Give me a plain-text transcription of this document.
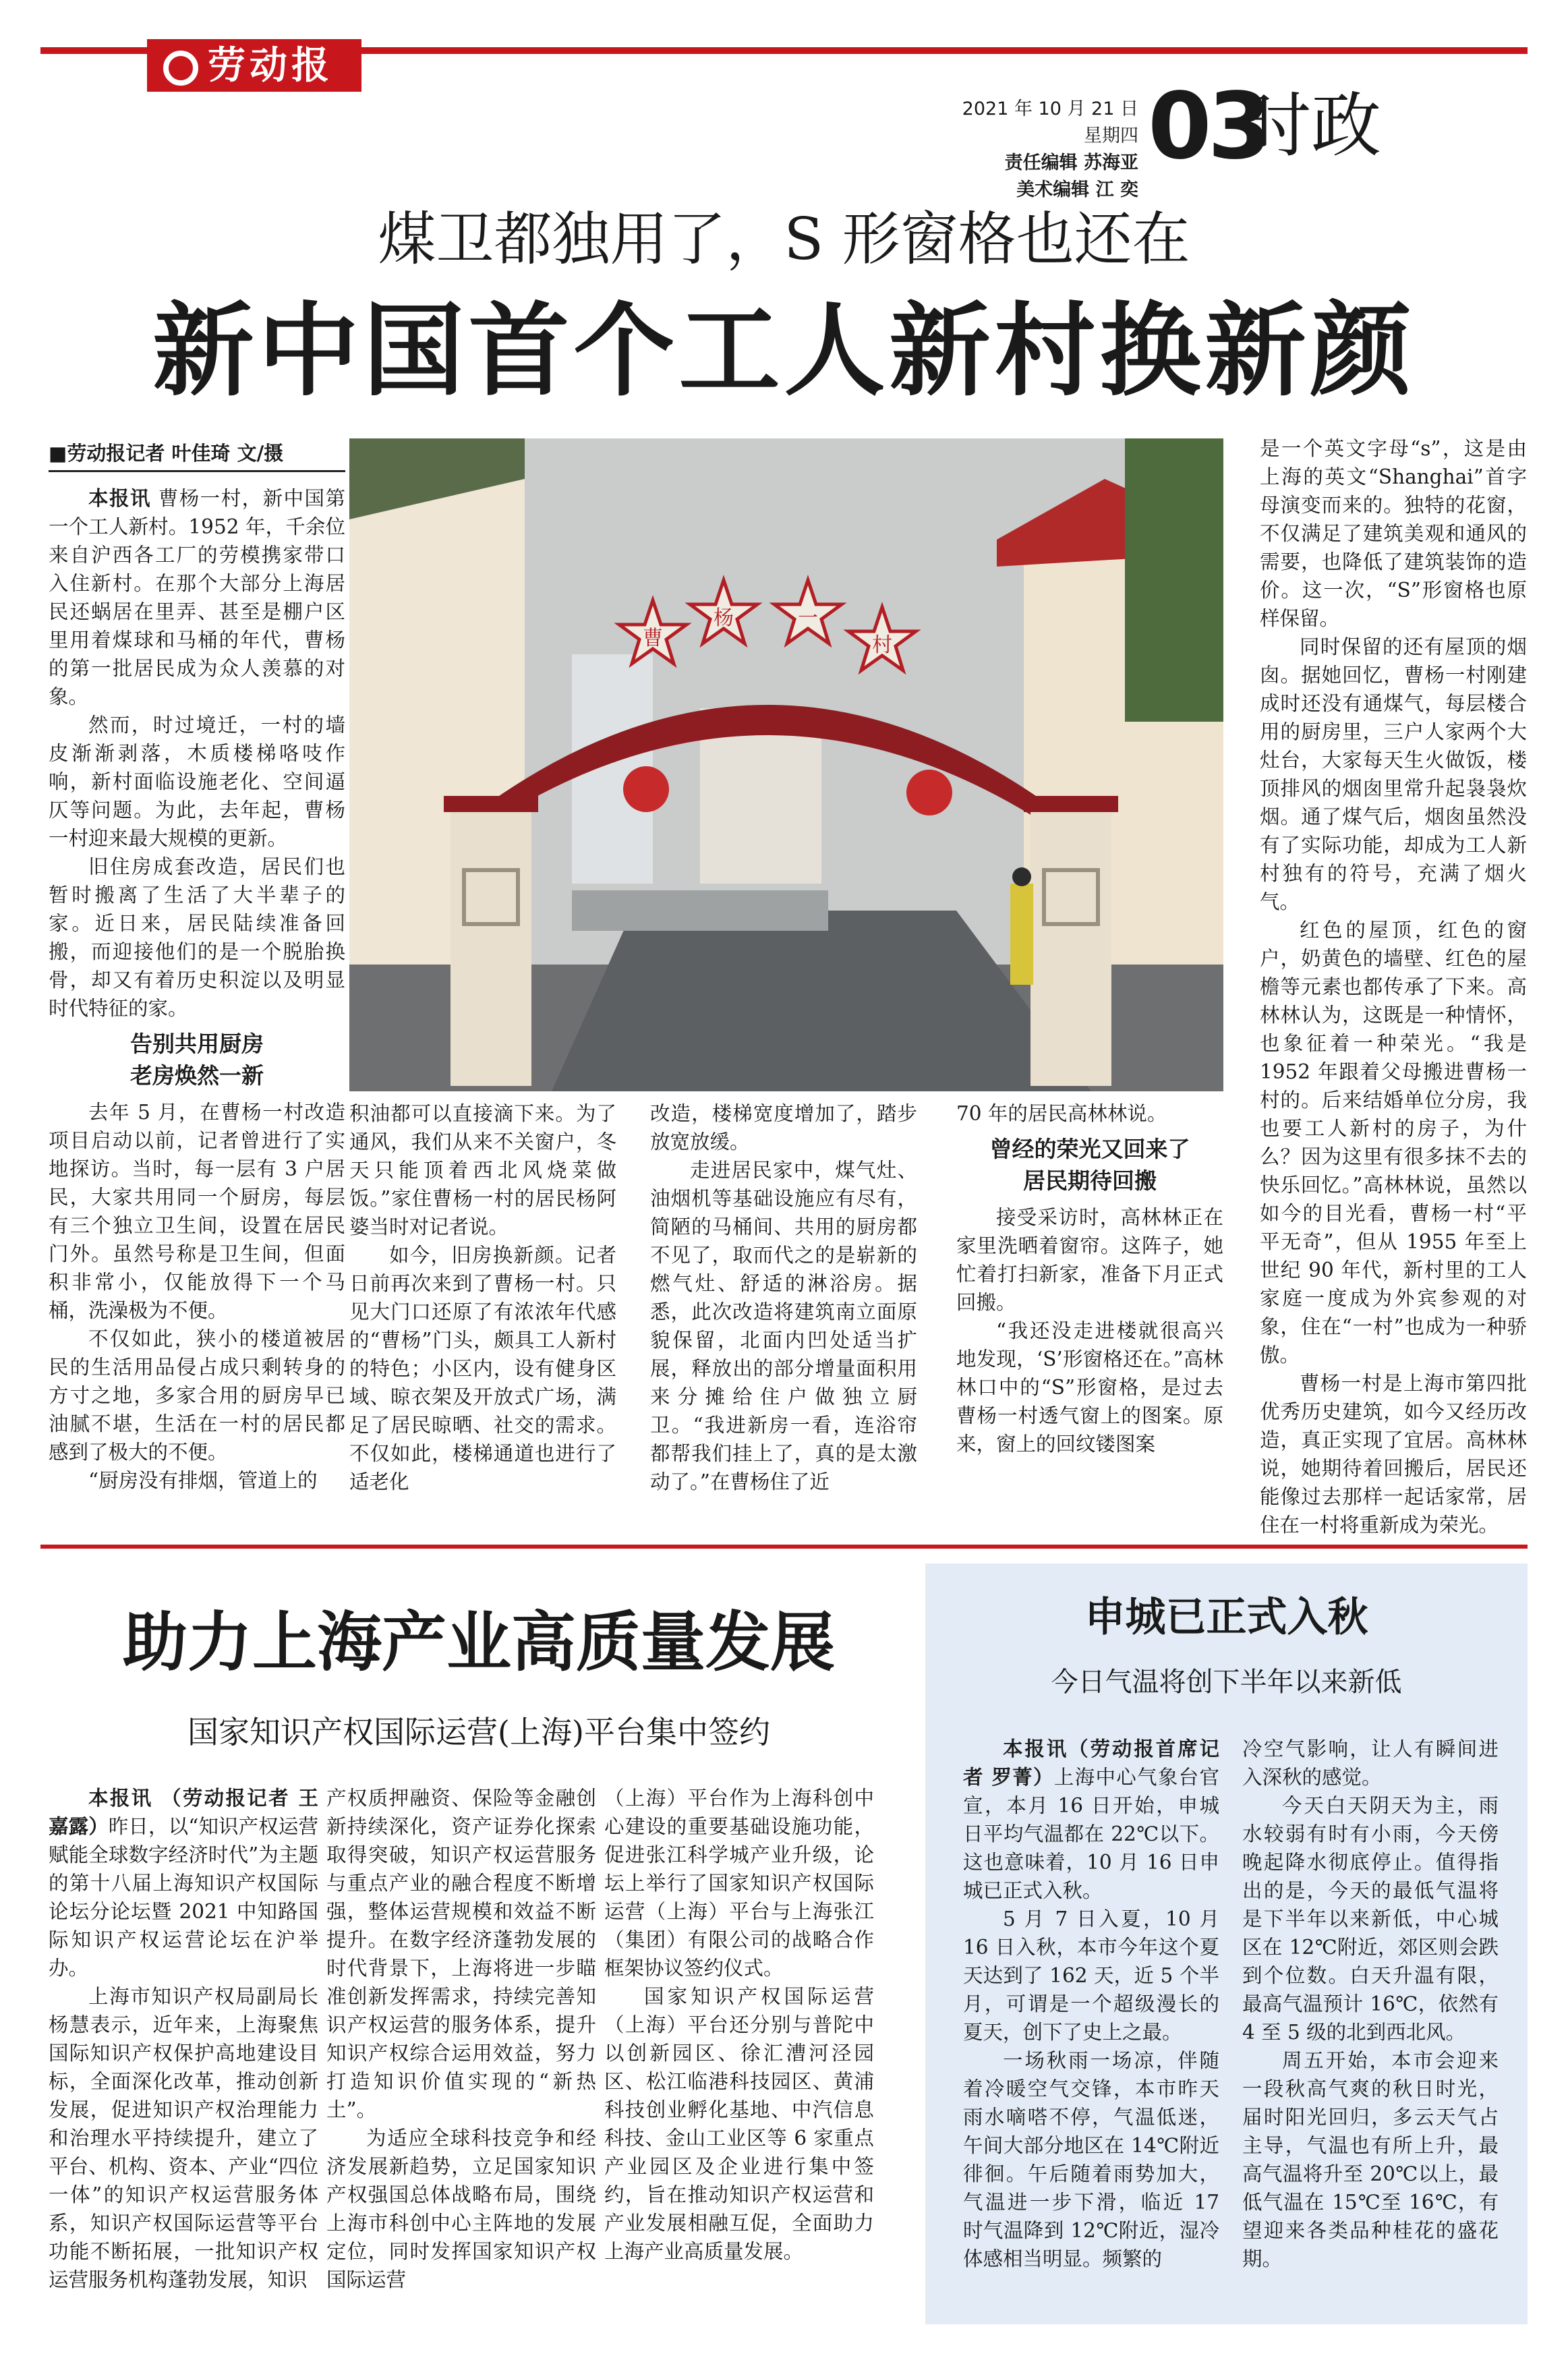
劳动报
2021 年 10 月 21 日 星期四
责任编辑 苏海亚
美术编辑 江 奕
03
时政
煤卫都独用了，S 形窗格也还在
新中国首个工人新村换新颜
■劳动报记者 叶佳琦 文/摄

本报讯 曹杨一村，新中国第一个工人新村。1952 年，千余位来自沪西各工厂的劳模携家带口入住新村。在那个大部分上海居民还蜗居在里弄、甚至是棚户区里用着煤球和马桶的年代，曹杨的第一批居民成为众人羡慕的对象。

然而，时过境迁，一村的墙皮渐渐剥落，木质楼梯咯吱作响，新村面临设施老化、空间逼仄等问题。为此，去年起，曹杨一村迎来最大规模的更新。

旧住房成套改造，居民们也暂时搬离了生活了大半辈子的家。近日来，居民陆续准备回搬，而迎接他们的是一个脱胎换骨，却又有着历史积淀以及明显时代特征的家。

告别共用厨房
老房焕然一新

去年 5 月，在曹杨一村改造项目启动以前，记者曾进行了实地探访。当时，每一层有 3 户居民，大家共用同一个厨房，每层有三个独立卫生间，设置在居民门外。虽然号称是卫生间，但面积非常小，仅能放得下一个马桶，洗澡极为不便。

不仅如此，狭小的楼道被居民的生活用品侵占成只剩转身的方寸之地，多家合用的厨房早已油腻不堪，生活在一村的居民都感到了极大的不便。

“厨房没有排烟，管道上的

曹
杨	一
村

积油都可以直接滴下来。为了通风，我们从来不关窗户，冬天只能顶着西北风烧菜做饭。”家住曹杨一村的居民杨阿婆当时对记者说。

如今，旧房换新颜。记者日前再次来到了曹杨一村。只见大门口还原了有浓浓年代感的“曹杨”门头，颇具工人新村的特色；小区内，设有健身区域、晾衣架及开放式广场，满足了居民晾晒、社交的需求。不仅如此，楼梯通道也进行了适老化

改造，楼梯宽度增加了，踏步放宽放缓。

走进居民家中，煤气灶、油烟机等基础设施应有尽有，简陋的马桶间、共用的厨房都不见了，取而代之的是崭新的燃气灶、舒适的淋浴房。据悉，此次改造将建筑南立面原貌保留，北面内凹处适当扩展，释放出的部分增量面积用来分摊给住户做独立厨卫。“我进新房一看，连浴帘都帮我们挂上了，真的是太激动了。”在曹杨住了近

70 年的居民高林林说。

曾经的荣光又回来了
居民期待回搬

接受采访时，高林林正在家里洗晒着窗帘。这阵子，她忙着打扫新家，准备下月正式回搬。

“我还没走进楼就很高兴地发现，‘S’形窗格还在。”高林林口中的“S”形窗格，是过去曹杨一村透气窗上的图案。原来，窗上的回纹镂图案

是一个英文字母“s”，这是由上海的英文“Shanghai”首字母演变而来的。独特的花窗，不仅满足了建筑美观和通风的需要，也降低了建筑装饰的造价。这一次，“S”形窗格也原样保留。

同时保留的还有屋顶的烟囱。据她回忆，曹杨一村刚建成时还没有通煤气，每层楼合用的厨房里，三户人家两个大灶台，大家每天生火做饭，楼顶排风的烟囱里常升起袅袅炊烟。通了煤气后，烟囱虽然没有了实际功能，却成为工人新村独有的符号，充满了烟火气。

红色的屋顶，红色的窗户，奶黄色的墙壁、红色的屋檐等元素也都传承了下来。高林林认为，这既是一种情怀，也象征着一种荣光。“我是 1952 年跟着父母搬进曹杨一村的。后来结婚单位分房，我也要工人新村的房子，为什么？因为这里有很多抹不去的快乐回忆。”高林林说，虽然以如今的目光看，曹杨一村“平平无奇”，但从 1955 年至上世纪 90 年代，新村里的工人家庭一度成为外宾参观的对象，住在“一村”也成为一种骄傲。

曹杨一村是上海市第四批优秀历史建筑，如今又经历改造，真正实现了宜居。高林林说，她期待着回搬后，居民还能像过去那样一起话家常，居住在一村将重新成为荣光。

助力上海产业高质量发展
国家知识产权国际运营(上海)平台集中签约

本报讯 （劳动报记者 王嘉露）昨日，以“知识产权运营赋能全球数字经济时代”为主题的第十八届上海知识产权国际论坛分论坛暨 2021 中知路国际知识产权运营论坛在沪举办。

上海市知识产权局副局长杨慧表示，近年来，上海聚焦国际知识产权保护高地建设目标，全面深化改革，推动创新发展，促进知识产权治理能力和治理水平持续提升，建立了平台、机构、资本、产业“四位一体”的知识产权运营服务体系，知识产权国际运营等平台功能不断拓展，一批知识产权运营服务机构蓬勃发展，知识

产权质押融资、保险等金融创新持续深化，资产证券化探索取得突破，知识产权运营服务与重点产业的融合程度不断增强，整体运营规模和效益不断提升。在数字经济蓬勃发展的时代背景下，上海将进一步瞄准创新发挥需求，持续完善知识产权运营的服务体系，提升知识产权综合运用效益，努力打造知识价值实现的“新热土”。

为适应全球科技竞争和经济发展新趋势，立足国家知识产权强国总体战略布局，围绕上海市科创中心主阵地的发展定位，同时发挥国家知识产权国际运营

（上海）平台作为上海科创中心建设的重要基础设施功能，促进张江科学城产业升级，论坛上举行了国家知识产权国际运营（上海）平台与上海张江（集团）有限公司的战略合作框架协议签约仪式。

国家知识产权国际运营（上海）平台还分别与普陀中以创新园区、徐汇漕河泾园区、松江临港科技园区、黄浦科技创业孵化基地、中汽信息科技、金山工业区等 6 家重点产业园区及企业进行集中签约，旨在推动知识产权运营和产业发展相融互促，全面助力上海产业高质量发展。

申城已正式入秋
今日气温将创下半年以来新低

本报讯（劳动报首席记者 罗菁）上海中心气象台官宣，本月 16 日开始，申城日平均气温都在 22℃以下。这也意味着，10 月 16 日申城已正式入秋。

5 月 7 日入夏，10 月 16 日入秋，本市今年这个夏天达到了 162 天，近 5 个半月，可谓是一个超级漫长的夏天，创下了史上之最。

一场秋雨一场凉，伴随着冷暖空气交锋，本市昨天雨水嘀嗒不停，气温低迷，午间大部分地区在 14℃附近徘徊。午后随着雨势加大，气温进一步下滑，临近 17 时气温降到 12℃附近，湿冷体感相当明显。频繁的

冷空气影响，让人有瞬间进入深秋的感觉。

今天白天阴天为主，雨水较弱有时有小雨，今天傍晚起降水彻底停止。值得指出的是，今天的最低气温将是下半年以来新低，中心城区在 12℃附近，郊区则会跌到个位数。白天升温有限，最高气温预计 16℃，依然有 4 至 5 级的北到西北风。

周五开始，本市会迎来一段秋高气爽的秋日时光，届时阳光回归，多云天气占主导，气温也有所上升，最高气温将升至 20℃以上，最低气温在 15℃至 16℃，有望迎来各类品种桂花的盛花期。
